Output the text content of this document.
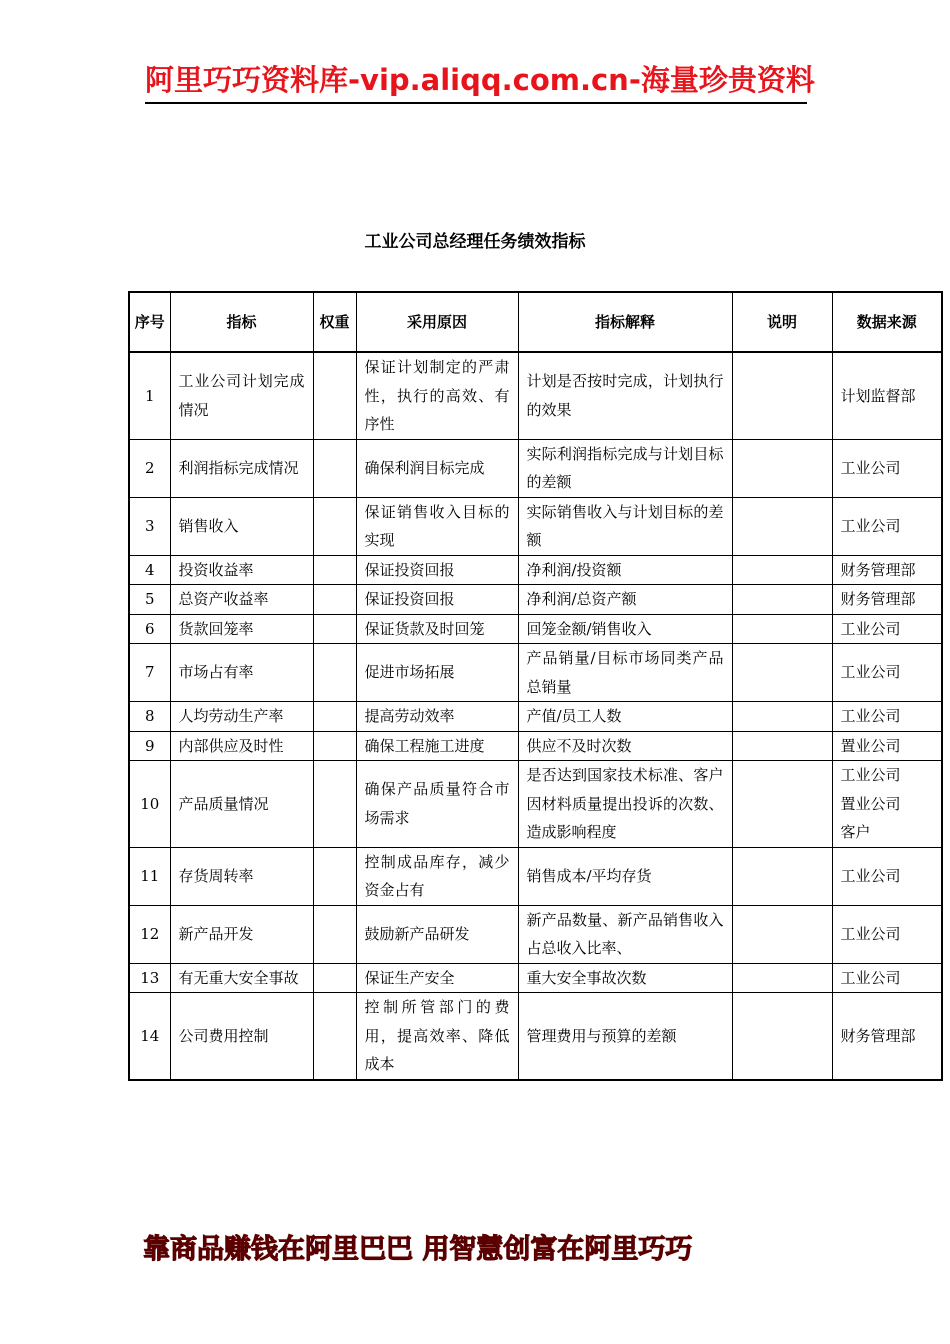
阿里巧巧资料库-vip.aliqq.com.cn-海量珍贵资料
工业公司总经理任务绩效指标
序号	指标	权重	采用原因	指标解释	说明	数据来源
1	工业公司计划完成情况		保证计划制定的严肃性，执行的高效、有序性	计划是否按时完成，计划执行的效果		计划监督部
2	利润指标完成情况		确保利润目标完成	实际利润指标完成与计划目标的差额		工业公司
3	销售收入		保证销售收入目标的实现	实际销售收入与计划目标的差额		工业公司
4	投资收益率		保证投资回报	净利润/投资额		财务管理部
5	总资产收益率		保证投资回报	净利润/总资产额		财务管理部
6	货款回笼率		保证货款及时回笼	回笼金额/销售收入		工业公司
7	市场占有率		促进市场拓展	产品销量/目标市场同类产品总销量		工业公司
8	人均劳动生产率		提高劳动效率	产值/员工人数		工业公司
9	内部供应及时性		确保工程施工进度	供应不及时次数		置业公司
10	产品质量情况		确保产品质量符合市场需求	是否达到国家技术标准、客户因材料质量提出投诉的次数、造成影响程度		工业公司
置业公司
客户
11	存货周转率		控制成品库存，减少资金占有	销售成本/平均存货		工业公司
12	新产品开发		鼓励新产品研发	新产品数量、新产品销售收入占总收入比率、		工业公司
13	有无重大安全事故		保证生产安全	重大安全事故次数		工业公司
14	公司费用控制		控制所管部门的费用，提高效率、降低成本	管理费用与预算的差额		财务管理部
靠商品赚钱在阿里巴巴 用智慧创富在阿里巧巧
